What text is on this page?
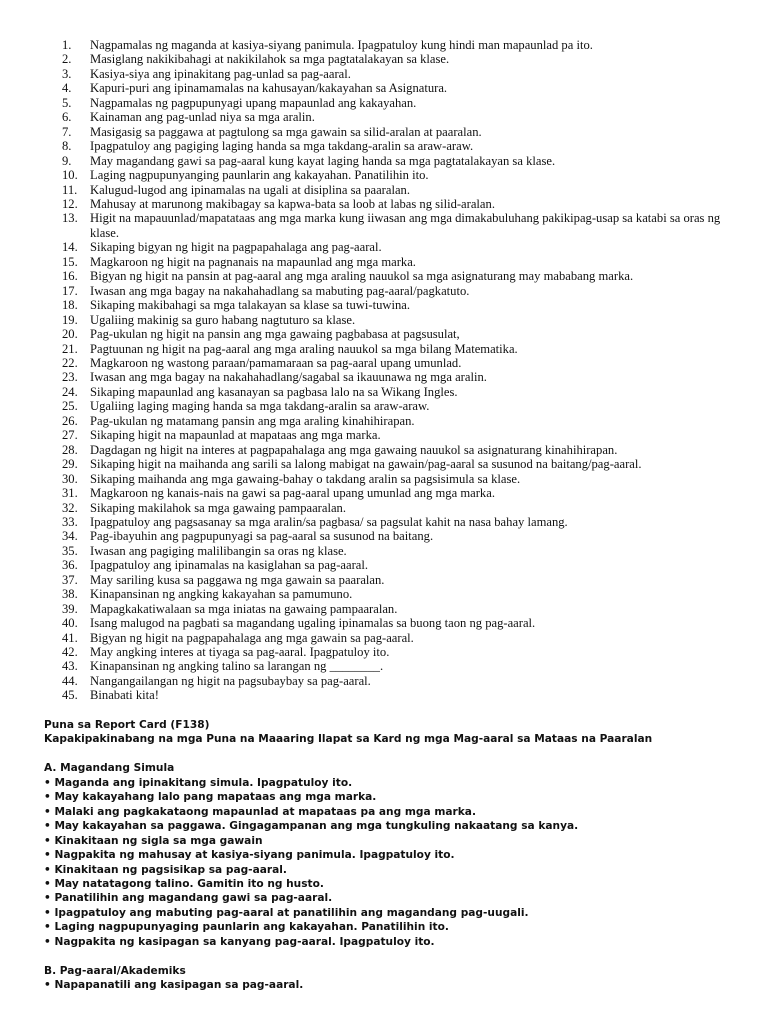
1.	Nagpamalas ng maganda at kasiya-siyang panimula. Ipagpatuloy kung hindi man mapaunlad pa ito.
2.	Masiglang nakikibahagi at nakikilahok sa mga pagtatalakayan sa klase.
3.	Kasiya-siya ang ipinakitang pag-unlad sa pag-aaral.
4.	Kapuri-puri ang ipinamamalas na kahusayan/kakayahan sa Asignatura.
5.	Nagpamalas ng pagpupunyagi upang mapaunlad ang kakayahan.
6.	Kainaman ang pag-unlad niya sa mga aralin.
7.	Masigasig sa paggawa at pagtulong sa mga gawain sa silid-aralan at paaralan.
8.	Ipagpatuloy ang pagiging laging handa sa mga takdang-aralin sa araw-araw.
9.	May magandang gawi sa pag-aaral kung kayat laging handa sa mga pagtatalakayan sa klase.
10. Laging nagpupunyanging paunlarin ang kakayahan. Panatilihin ito.
11.	Kalugud-lugod ang ipinamalas na ugali at disiplina sa paaralan.
12. Mahusay at marunong makibagay sa kapwa-bata sa loob at labas ng silid-aralan.
13. Higit na mapauunlad/mapatataas ang mga marka kung iiwasan ang mga dimakabuluhang pakikipag-usap sa katabi sa oras ng klase.
14. Sikaping bigyan ng higit na pagpapahalaga ang pag-aaral.
15. Magkaroon ng higit na pagnanais na mapaunlad ang mga marka.
16. Bigyan ng higit na pansin at pag-aaral ang mga araling nauukol sa mga asignaturang may mababang marka.
17. Iwasan ang mga bagay na nakahahadlang sa mabuting pag-aaral/pagkatuto.
18. Sikaping makibahagi sa mga talakayan sa klase sa tuwi-tuwina.
19. Ugaliing makinig sa guro habang nagtuturo sa klase.
20. Pag-ukulan ng higit na pansin ang mga gawaing pagbabasa at pagsusulat,
21. Pagtuunan ng higit na pag-aaral ang mga araling nauukol sa mga bilang Matematika.
22. Magkaroon ng wastong paraan/pamamaraan sa pag-aaral upang umunlad.
23. Iwasan ang mga bagay na nakahahadlang/sagabal sa ikauunawa ng mga aralin.
24. Sikaping mapaunlad ang kasanayan sa pagbasa lalo na sa Wikang Ingles.
25. Ugaliing laging maging handa sa mga takdang-aralin sa araw-araw.
26. Pag-ukulan ng matamang pansin ang mga araling kinahihirapan.
27. Sikaping higit na mapaunlad at mapataas ang mga marka.
28. Dagdagan ng higit na interes at pagpapahalaga ang mga gawaing nauukol sa asignaturang kinahihirapan.
29. Sikaping higit na maihanda ang sarili sa lalong mabigat na gawain/pag-aaral sa susunod na baitang/pag-aaral.
30. Sikaping maihanda ang mga gawaing-bahay o takdang aralin sa pagsisimula sa klase.
31. Magkaroon ng kanais-nais na gawi sa pag-aaral upang umunlad ang mga marka.
32. Sikaping makilahok sa mga gawaing pampaaralan.
33. Ipagpatuloy ang pagsasanay sa mga aralin/sa pagbasa/ sa pagsulat kahit na nasa bahay lamang.
34. Pag-ibayuhin ang pagpupunyagi sa pag-aaral sa susunod na baitang.
35. Iwasan ang pagiging malilibangin sa oras ng klase.
36. Ipagpatuloy ang ipinamalas na kasiglahan sa pag-aaral.
37. May sariling kusa sa paggawa ng mga gawain sa paaralan.
38. Kinapansinan ng angking kakayahan sa pamumuno.
39. Mapagkakatiwalaan sa mga iniatas na gawaing pampaaralan.
40. Isang malugod na pagbati sa magandang ugaling ipinamalas sa buong taon ng pag-aaral.
41. Bigyan ng higit na pagpapahalaga ang mga gawain sa pag-aaral.
42. May angking interes at tiyaga sa pag-aaral. Ipagpatuloy ito.
43. Kinapansinan ng angking talino sa larangan ng ________.
44. Nangangailangan ng higit na pagsubaybay sa pag-aaral.
45. Binabati kita!
Puna sa Report Card (F138)
Kapakipakinabang na mga Puna na Maaaring Ilapat sa Kard ng mga Mag-aaral sa Mataas na Paaralan
A. Magandang Simula
• Maganda ang ipinakitang simula. Ipagpatuloy ito.
• May kakayahang lalo pang mapataas ang mga marka.
• Malaki ang pagkakataong mapaunlad at mapataas pa ang mga marka.
• May kakayahan sa paggawa. Gingagampanan ang mga tungkuling nakaatang sa kanya.
• Kinakitaan ng sigla sa mga gawain
• Nagpakita ng mahusay at kasiya-siyang panimula. Ipagpatuloy ito.
• Kinakitaan ng pagsisikap sa pag-aaral.
• May natatagong talino. Gamitin ito ng husto.
• Panatilihin ang magandang gawi sa pag-aaral.
• Ipagpatuloy ang mabuting pag-aaral at panatilihin ang magandang pag-uugali.
• Laging nagpupunyaging paunlarin ang kakayahan. Panatilihin ito.
• Nagpakita ng kasipagan sa kanyang pag-aaral. Ipagpatuloy ito.
B. Pag-aaral/Akademiks
• Napapanatili ang kasipagan sa pag-aaral.
